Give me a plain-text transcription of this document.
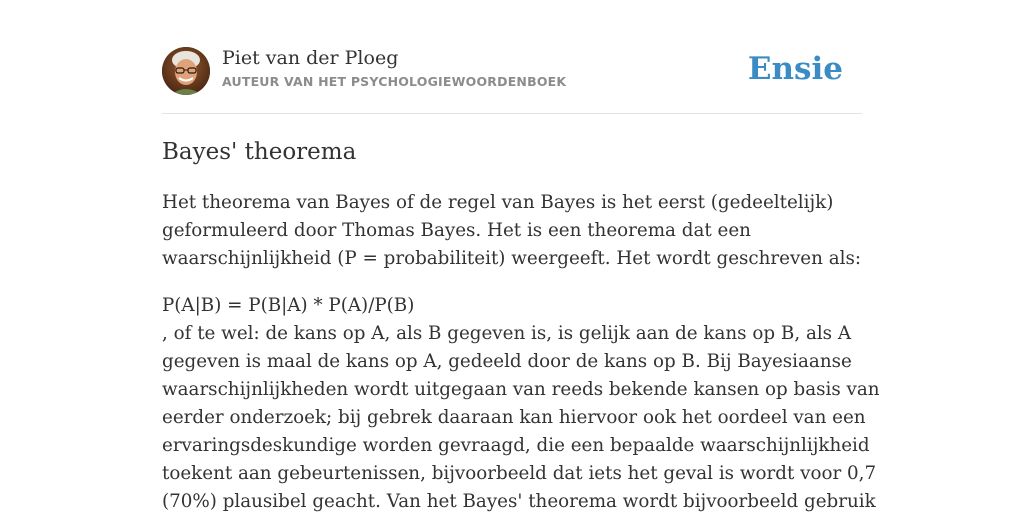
Piet van der Ploeg
AUTEUR VAN HET PSYCHOLOGIEWOORDENBOEK	Ensie
Bayes' theorema
Het theorema van Bayes of de regel van Bayes is het eerst (gedeeltelijk)
geformuleerd door Thomas Bayes. Het is een theorema dat een
waarschijnlijkheid (P = probabiliteit) weergeeft. Het wordt geschreven als:
P(A|B) = P(B|A) * P(A)/P(B)
, of te wel: de kans op A, als B gegeven is, is gelijk aan de kans op B, als A
gegeven is maal de kans op A, gedeeld door de kans op B. Bij Bayesiaanse
waarschijnlijkheden wordt uitgegaan van reeds bekende kansen op basis van
eerder onderzoek; bij gebrek daaraan kan hiervoor ook het oordeel van een
ervaringsdeskundige worden gevraagd, die een bepaalde waarschijnlijkheid
toekent aan gebeurtenissen, bijvoorbeeld dat iets het geval is wordt voor 0,7
(70%) plausibel geacht. Van het Bayes' theorema wordt bijvoorbeeld gebruik
